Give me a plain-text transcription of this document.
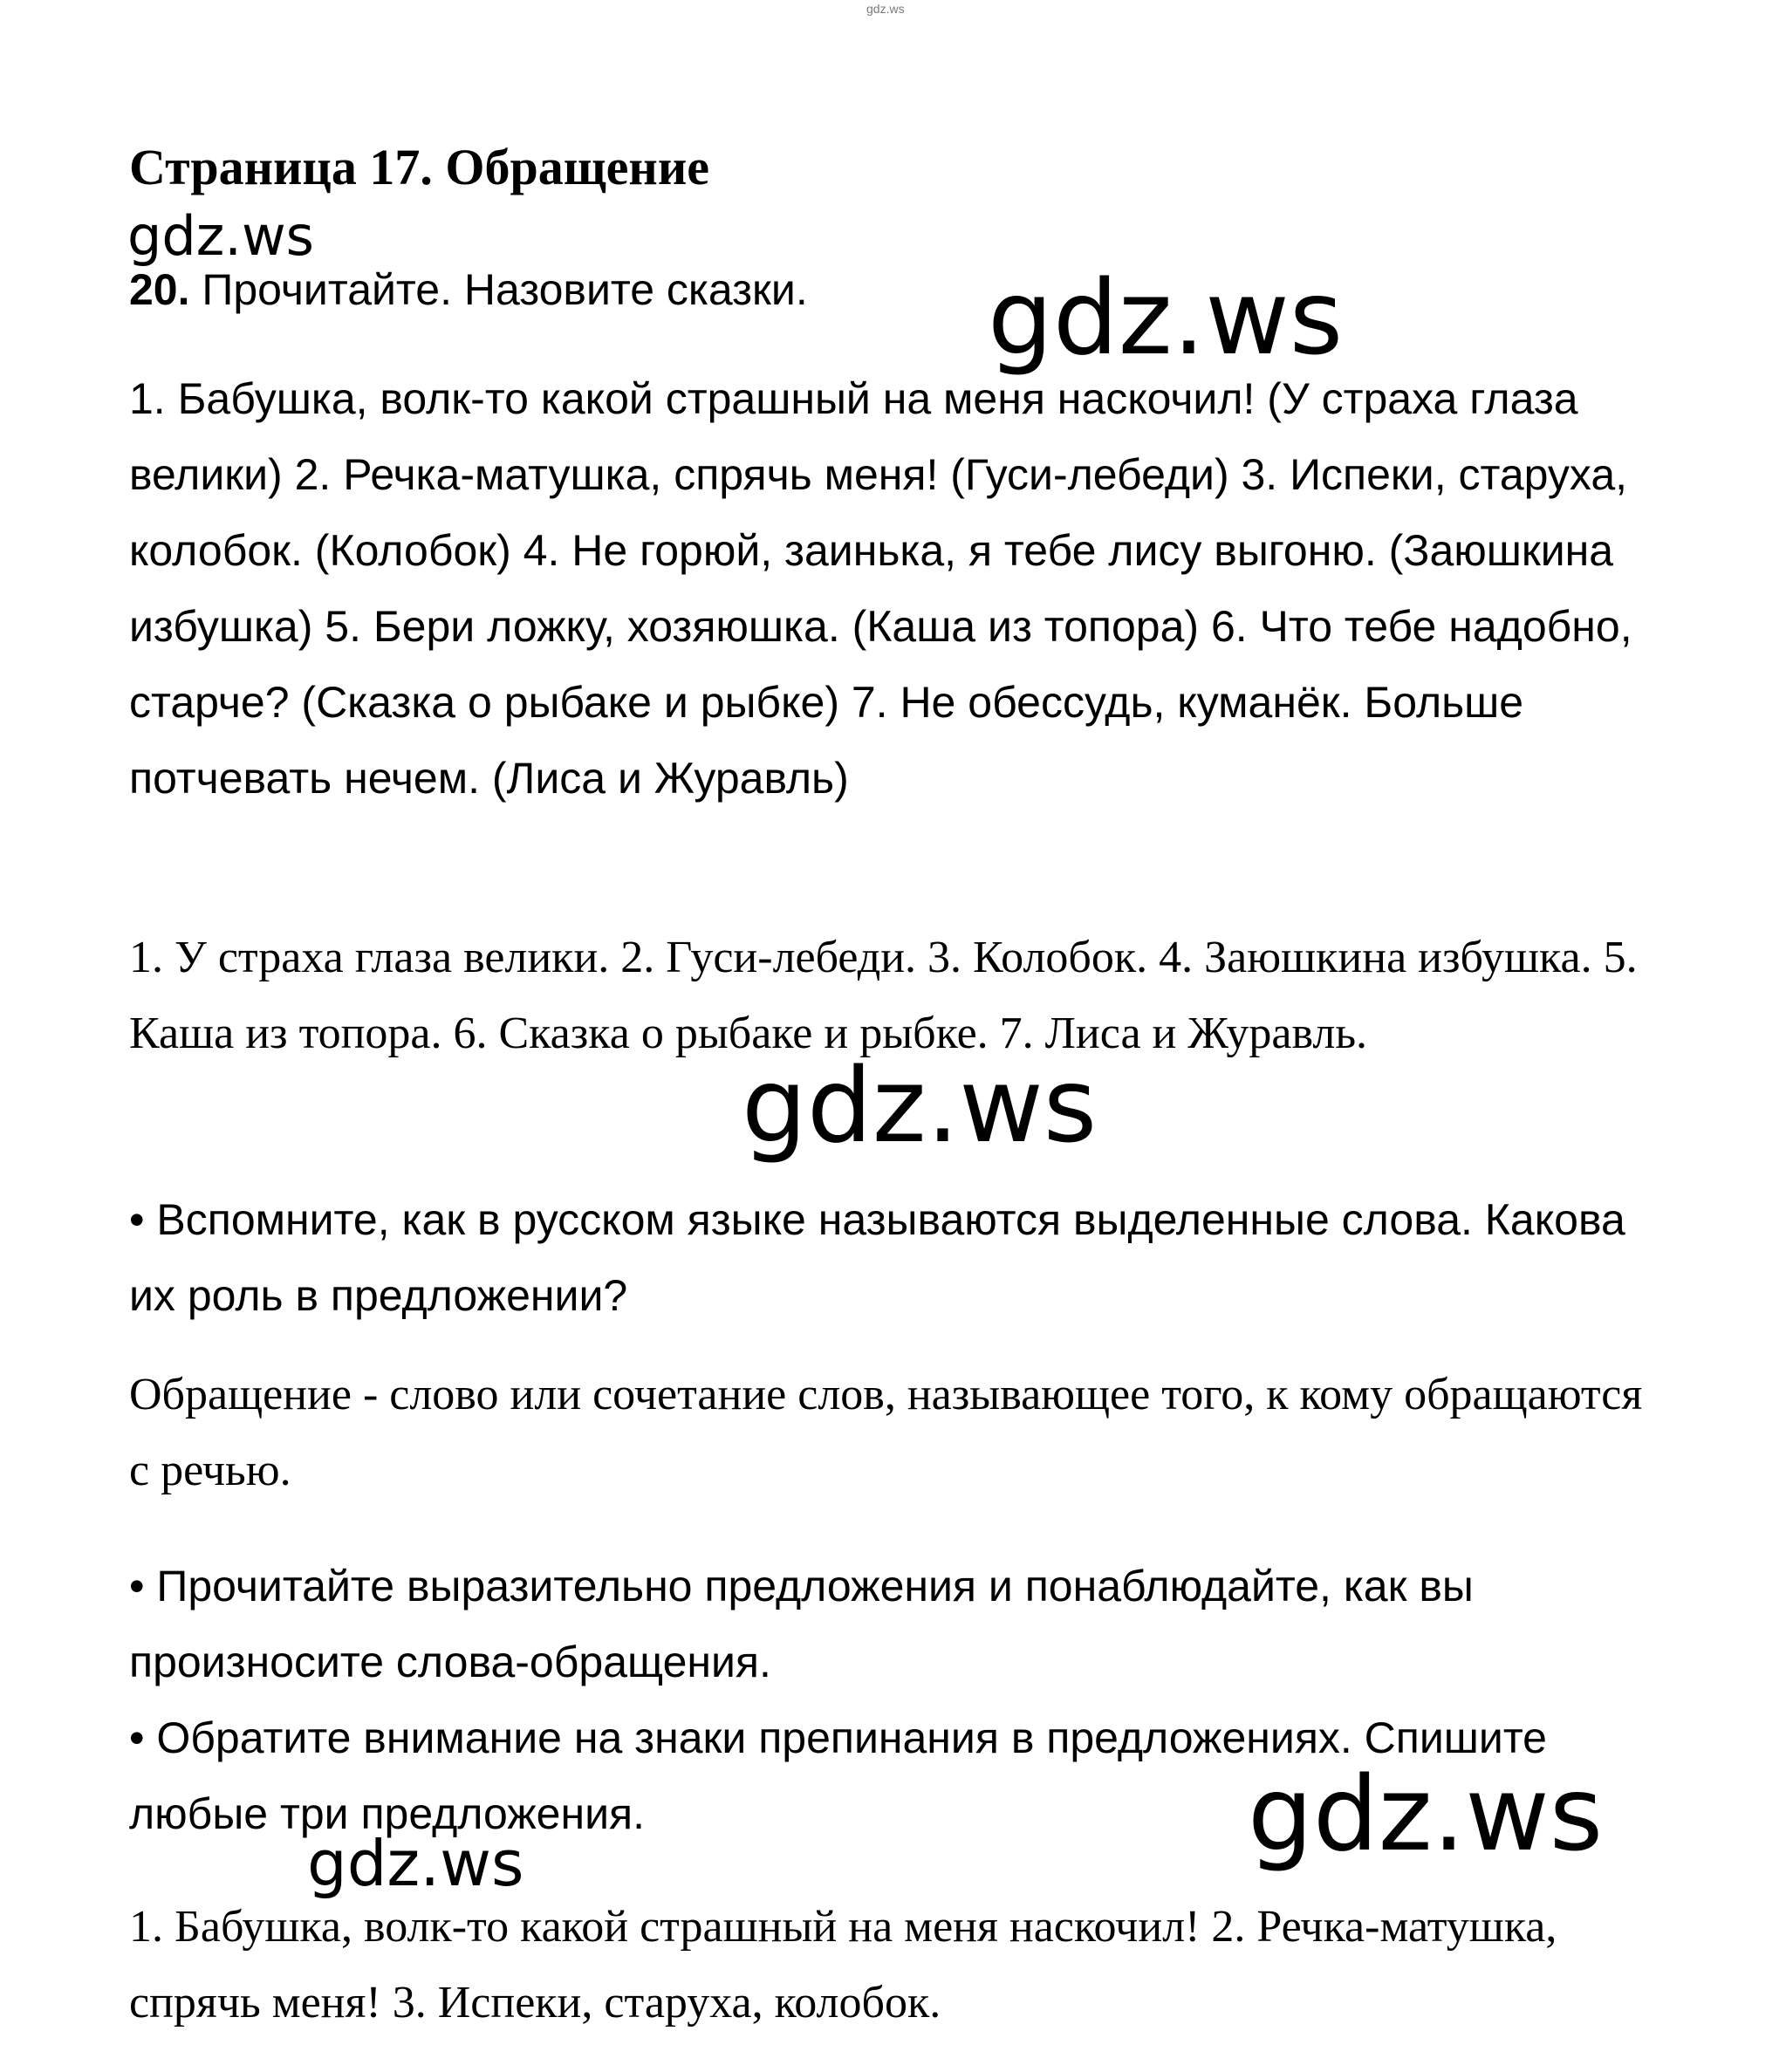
gdz.ws
Страница 17. Обращение
gdz.ws

20. Прочитайте. Назовите сказки.

1. Бабушка, волк-то какой страшный на меня наскочил! (У страха глаза велики) 2. Речка-матушка, спрячь меня! (Гуси-лебеди) 3. Испеки, старуха, колобок. (Колобок) 4. Не горюй, заинька, я тебе лису выгоню. (Заюшкина избушка) 5. Бери ложку, хозяюшка. (Каша из топора) 6. Что тебе надобно, старче? (Сказка о рыбаке и рыбке) 7. Не обессудь, куманёк. Больше потчевать нечем. (Лиса и Журавль)

1. У страха глаза велики. 2. Гуси-лебеди. 3. Колобок. 4. Заюшкина избушка. 5. Каша из топора. 6. Сказка о рыбаке и рыбке. 7. Лиса и Журавль.

• Вспомните, как в русском языке называются выделенные слова. Какова их роль в предложении?

Обращение - слово или сочетание слов, называющее того, к кому обращаются с речью.

• Прочитайте выразительно предложения и понаблюдайте, как вы произносите слова-обращения.
• Обратите внимание на знаки препинания в предложениях. Спишите любые три предложения.

1. Бабушка, волк-то какой страшный на меня наскочил! 2. Речка-матушка, спрячь меня! 3. Испеки, старуха, колобок.

gdz.ws
gdz.ws
gdz.ws
gdz.ws
